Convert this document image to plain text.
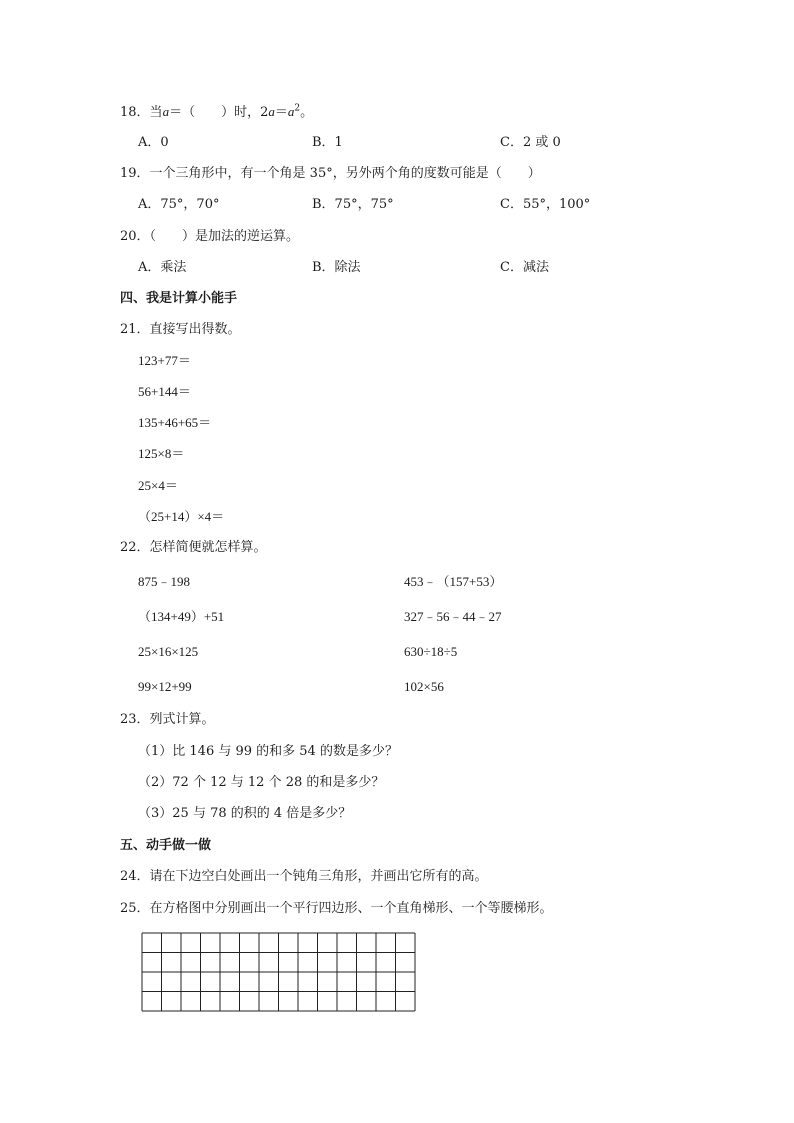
18．当a＝（　　）时，$2a=a^2$。
A．0	B．1	C．2 或 0
19．一个三角形中，有一个角是 35°，另外两个角的度数可能是（　　）
A．75°，70°	B．75°，75°	C．55°，100°
20．（　　）是加法的逆运算。
A．乘法	B．除法	C．减法
四、我是计算小能手
21．直接写出得数。
123+77＝
56+144＝
135+46+65＝
125×8＝
25×4＝
（25+14）×4＝
22．怎样简便就怎样算。
875﹣198	453﹣（157+53）
（134+49）+51	327﹣56﹣44﹣27
25×16×125	630÷18÷5
99×12+99	102×56
23．列式计算。
（1）比 146 与 99 的和多 54 的数是多少？
（2）72 个 12 与 12 个 28 的和是多少？
（3）25 与 78 的积的 4 倍是多少？
五、动手做一做
24．请在下边空白处画出一个钝角三角形，并画出它所有的高。
25．在方格图中分别画出一个平行四边形、一个直角梯形、一个等腰梯形。
